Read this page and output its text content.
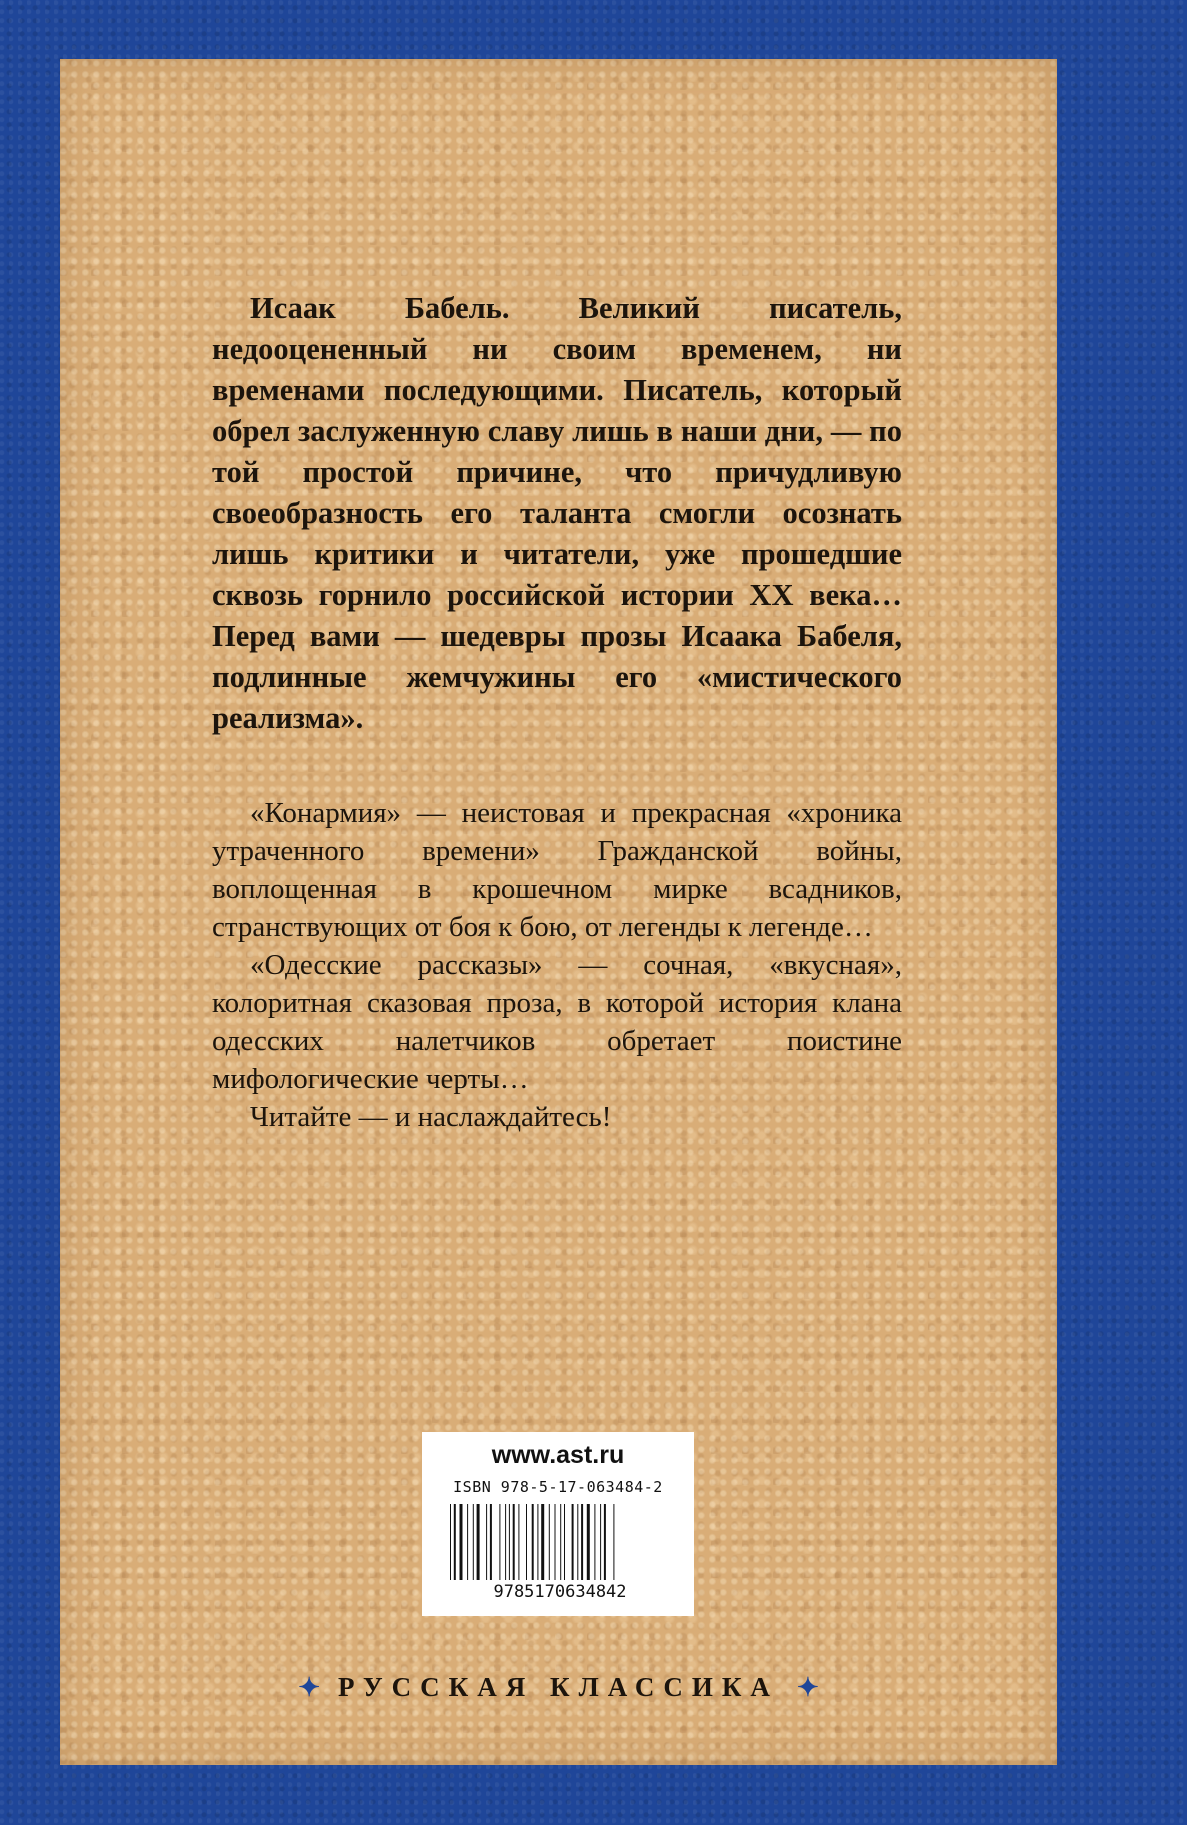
Исаак Бабель. Великий писатель, недооцененный ни своим временем, ни временами последующими. Писатель, который обрел заслуженную славу лишь в наши дни, — по той простой причине, что причудливую своеобразность его таланта смогли осознать лишь критики и читатели, уже прошедшие сквозь горнило российской истории XX века… Перед вами — шедевры прозы Исаака Бабеля, подлинные жемчужины его «мистического реализма».

«Конармия» — неистовая и прекрасная «хроника утраченного времени» Гражданской войны, воплощенная в крошечном мирке всадников, странствующих от боя к бою, от легенды к легенде…

«Одесские рассказы» — сочная, «вкусная», колоритная сказовая проза, в которой история клана одесских налетчиков обретает поистине мифологические черты…

Читайте — и наслаждайтесь!

www.ast.ru
ISBN 978-5-17-063484-2
9785170634842
✦ РУССКАЯ КЛАССИКА ✦
